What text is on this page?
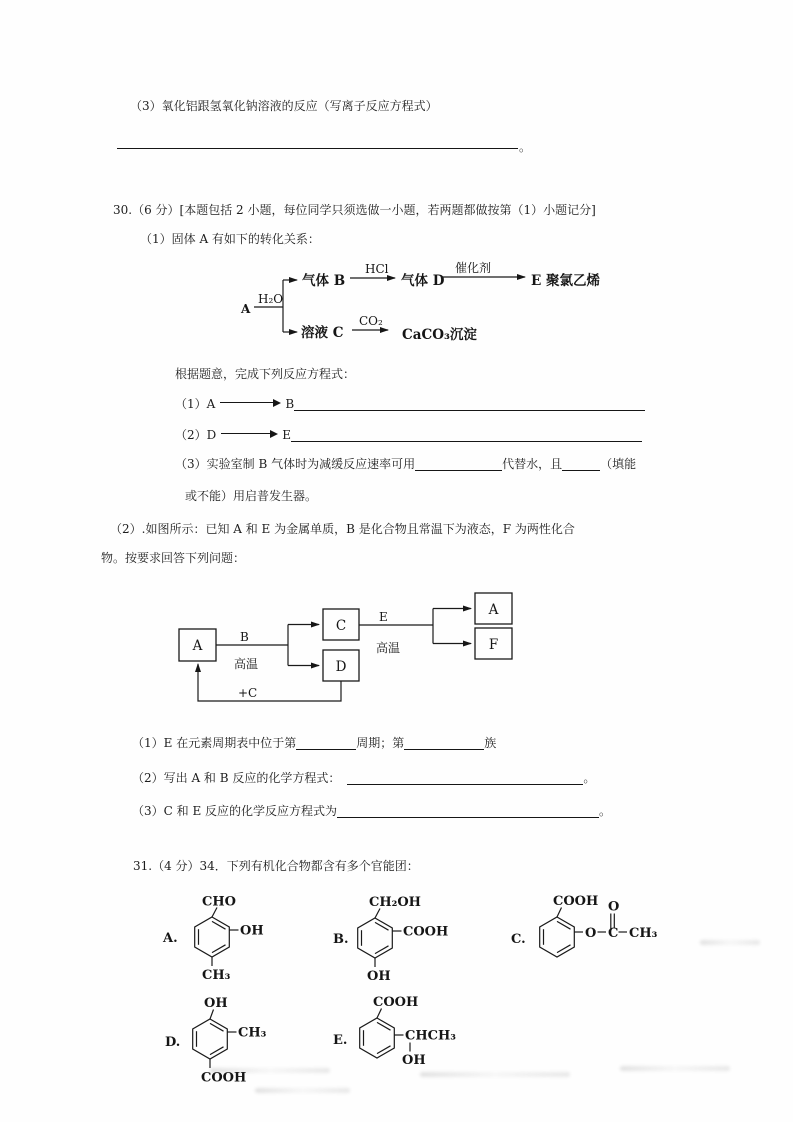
（3）氧化铝跟氢氧化钠溶液的反应（写离子反应方程式）
。
30.（6 分）[本题包括 2 小题，每位同学只须选做一小题，若两题都做按第（1）小题记分]
（1）固体 A 有如下的转化关系：
A
H₂O
气体 B
HCl
气体 D
催化剂
E 聚氯乙烯
溶液 C
CO₂
CaCO₃沉淀
根据题意，完成下列反应方程式：
（1）A	B
（2）D	E
（3）实验室制 B 气体时为减缓反应速率可用	代替水，且	（填能
或不能）用启普发生器。
（2）.如图所示：已知 A 和 E 为金属单质，B 是化合物且常温下为液态，F 为两性化合
物。按要求回答下列问题：
A
C
D
A
F
B
高温
E
高温
+C
（1）E 在元素周期表中位于第	周期；第	族
（2）写出 A 和 B 反应的化学方程式：	。
（3）C 和 E 反应的化学反应方程式为	。
31.（4 分）34．下列有机化合物都含有多个官能团：
A.
CHO
OH
CH₃
B.
CH₂OH
COOH
OH
C.
COOH
O C
O
CH₃
D.
OH
CH₃
COOH
E.
COOH
CHCH₃
OH
